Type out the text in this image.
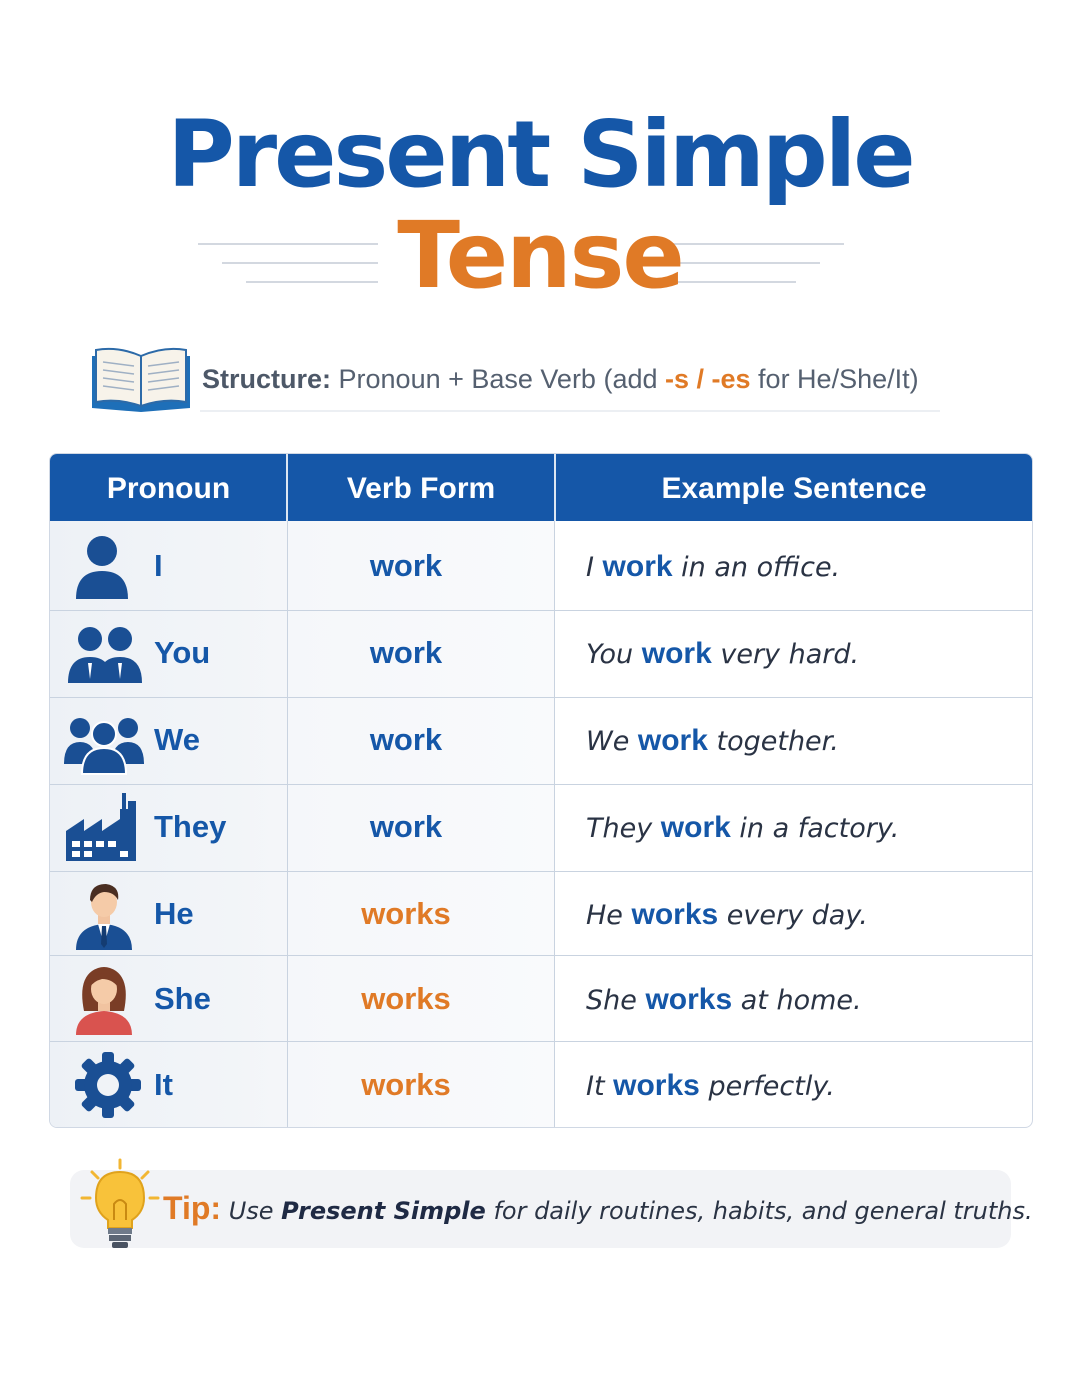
Present Simple
Tense
Structure: Pronoun + Base Verb (add -s / -es for He/She/It)
Pronoun	Verb Form	Example Sentence
I	work	I work in an office.
You	work	You work very hard.
We	work	We work together.
They	work	They work in a factory.
He	works	He works every day.
She	works	She works at home.
It	works	It works perfectly.
Tip: Use Present Simple for daily routines, habits, and general truths.
